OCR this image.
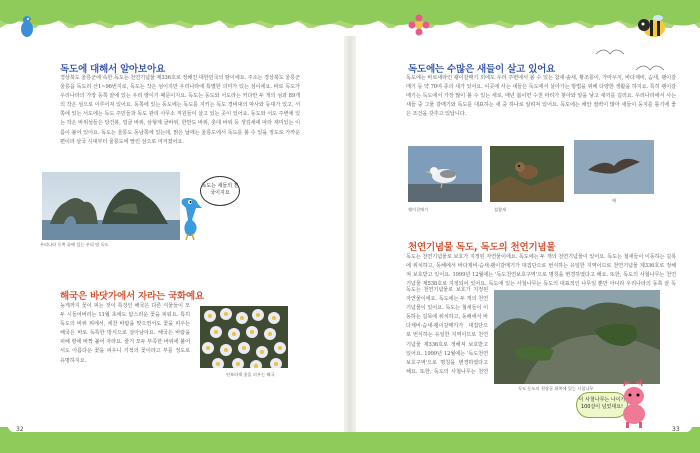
독도에 대해서 알아보아요
경상북도 울릉군에 속한 독도는 천연기념물 제336호로 정해진 대한민국의 땅이에요. 주소는 경상북도 울릉군 울릉읍 독도리 산1~96번지로, 독도는 작은 섬이지만 우리나라에 특별한 의미가 있는 섬이에요. 바로 독도가 우리나라의 가장 동쪽 끝에 있는 우리 땅이기 때문이지요. 독도는 동도와 서도라는 커다란 두 개의 섬과 89개의 작은 섬으로 이루어져 있어요. 동쪽에 있는 동도에는 독도를 지키는 독도 경비대의 막사와 등대가 있고, 서쪽에 있는 서도에는 독도 주민들과 독도 관리 사무소 직원들이 살고 있는 곳이 있어요. 동도와 서도 주변에 있는 작은 바위섬들은 탕건봉, 얼굴 바위, 삼형제 굴바위, 한반도 바위, 촛대 바위 등 생김새에 따라 재미있는 이름이 붙어 있어요. 독도는 울릉도 동남쪽에 있는데, 맑은 날에는 울릉도에서 독도를 볼 수 있을 정도로 가까운 편이라 삼국 시대부터 울릉도에 딸린 섬으로 여겨졌어요.
우리나라 동쪽 끝에 있는 우리 땅 독도
독도는 새들의 천국이지요
해국은 바닷가에서 자라는 국화예요
늦게까지 꽃이 피는 것이 특징인 해국은 다른 식물들이 모두 시들어버리는 11월 초에도 탐스러운 꽃을 피워요. 특히 독도의 바위 위에서, 세찬 바람을 맞으면서도 꽃을 피우는 해국은 바로 독특한 방식으로 살아남아요. 해국은 바람을 피해 땅에 바짝 붙어 자라요. 줄기 모두 부족한 바위에 붙어서도 아름다운 꽃을 피우니 기적의 꽃이라고 부를 정도로 유명하지요.
연보라색 꽃을 피우는 해국
32
독도에는 수많은 새들이 살고 있어요
독도에는 바로새라인 괭이갈매기 외에도 우리 주변에서 볼 수 있는 참새·솔새, 황조롱이, 가마우지, 바다제비, 슴새, 괭이갈매기 등 약 70여 종의 새가 있어요. 이곳에 사는 새들은 독도에서 살아가는 방법을 위해 다양한 생활을 하지요. 특히 괭이갈매기는 독도에서 가장 많이 볼 수 있는 새로, 매년 봄이면 수천 마리가 찾아와 알을 낳고 새끼를 길러요. 우리나라에서 사는 새들 중 그물 갈매기와 독도를 대표하는 새 중 하나로 알려져 있어요. 독도에는 해안 절벽이 많아 새들이 둥지를 틀기에 좋은 조건을 갖추고 있답니다.
괭이갈매기	섬참새
매
천연기념물 독도, 독도의 천연기념물
독도는 천연기념물로 보호가 지정된 자연물이에요. 독도에는 두 개의 천연기념물이 있어요. 독도는 철새들이 이동하는 길목에 위치하고, 동해에서 바다제비·슴새·괭이갈매기가 대집단으로 번식하는 유일한 지역이므로 천연기념물 제336호로 정해져 보호받고 있어요. 1999년 12월에는 '독도천연보호구역'으로 명칭을 변경하였다고 해요. 또한, 독도의 사철나무는 천연기념물 제538호로 지정되어 있어요. 독도에 있는 사철나무는 독도의 대표적인 나무일 뿐만 아니라 우리나라의 동쪽 끝 독
독도는 천연기념물로 보호가 지정된 자연물이에요. 독도에는 두 개의 천연기념물이 있어요. 독도는 철새들이 이동하는 길목에 위치하고, 동해에서 바다제비·슴새·괭이갈매기가 대집단으로 번식하는 유일한 지역이므로 천연기념물 제336호로 정해져 보호받고 있어요. 1999년 12월에는 '독도천연보호구역'으로 명칭을 변경하였다고 해요. 또한, 독도의 사철나무는 천연
독도 동도의 천장굴 위쪽에 있는 사철나무
이 사철나무는 나이가 100살이 넘었대요!
33
